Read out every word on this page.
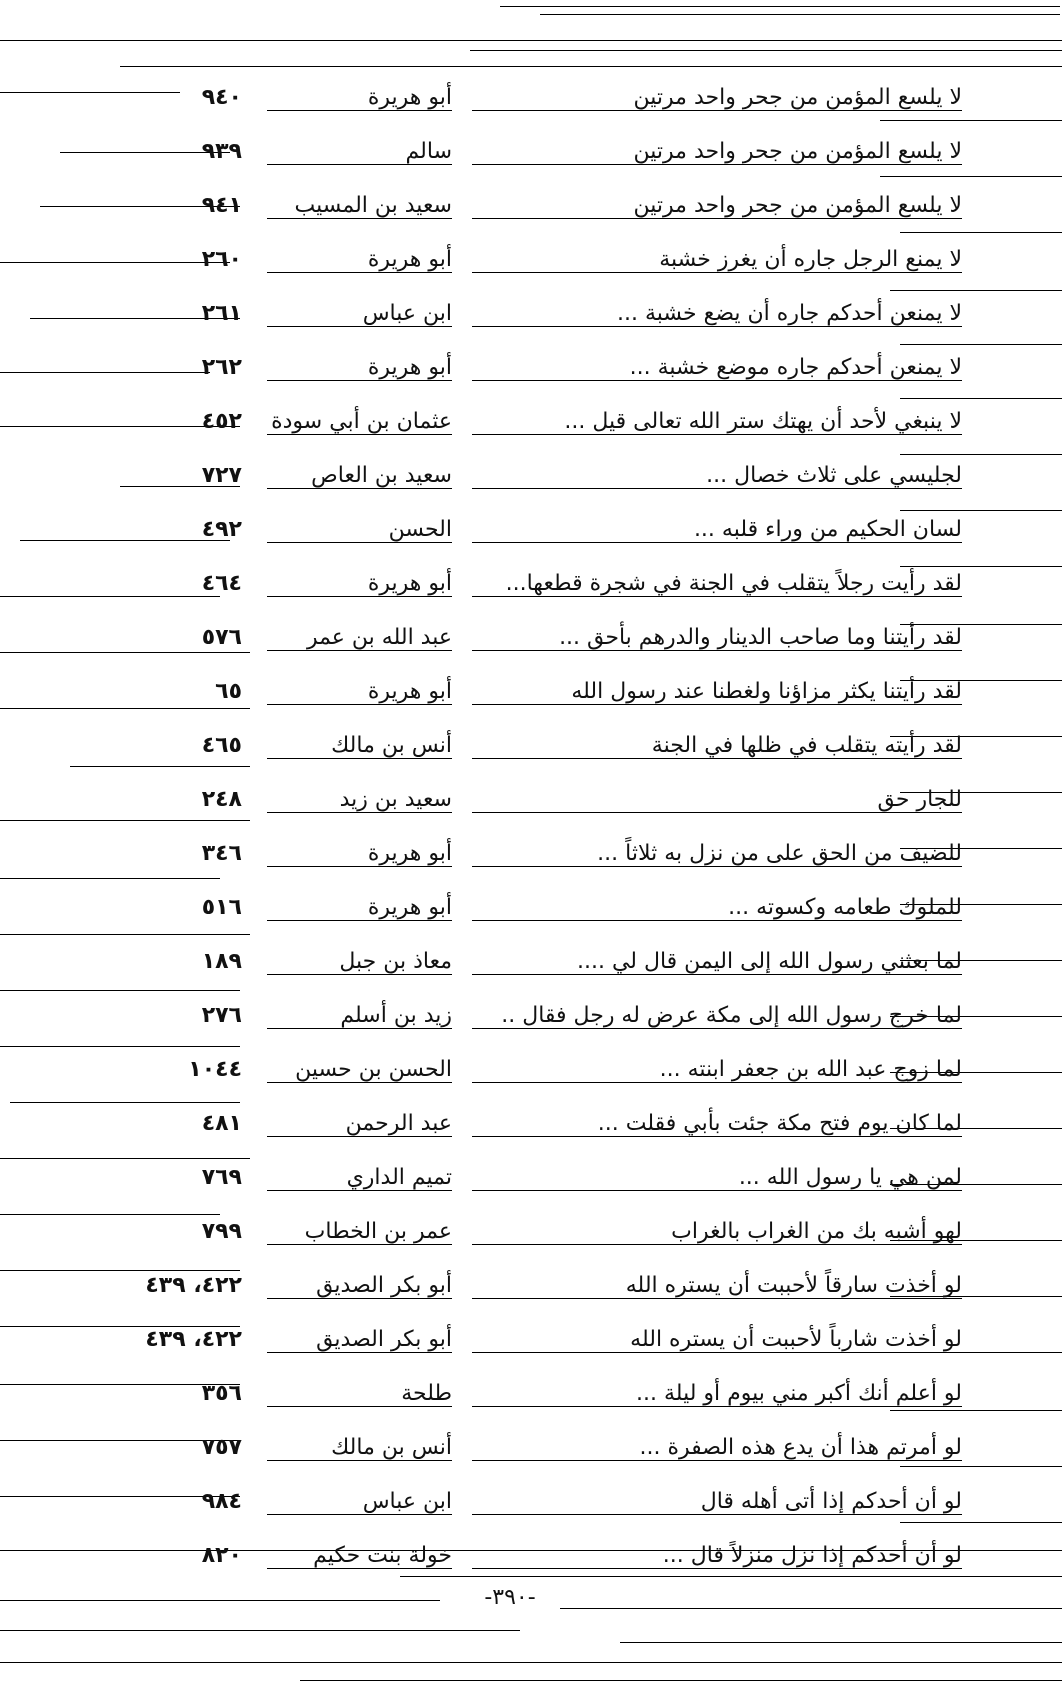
لا يلسع المؤمن من جحر واحد مرتين
أبو هريرة
٩٤٠
لا يلسع المؤمن من جحر واحد مرتين
سالم
٩٣٩
لا يلسع المؤمن من جحر واحد مرتين
سعيد بن المسيب
٩٤١
لا يمنع الرجل جاره أن يغرز خشبة
أبو هريرة
٢٦٠
لا يمنعن أحدكم جاره أن يضع خشبة ...
ابن عباس
٢٦١
لا يمنعن أحدكم جاره موضع خشبة ...
أبو هريرة
٢٦٢
لا ينبغي لأحد أن يهتك ستر الله تعالى قيل ...
عثمان بن أبي سودة
٤٥٢
لجليسي على ثلاث خصال ...
سعيد بن العاص
٧٢٧
لسان الحكيم من وراء قلبه ...
الحسن
٤٩٢
لقد رأيت رجلاً يتقلب في الجنة في شجرة قطعها...
أبو هريرة
٤٦٤
لقد رأيتنا وما صاحب الدينار والدرهم بأحق ...
عبد الله بن عمر
٥٧٦
لقد رأيتنا يكثر مزاؤنا ولغطنا عند رسول الله
أبو هريرة
٦٥
لقد رأيته يتقلب في ظلها في الجنة
أنس بن مالك
٤٦٥
للجار حق
سعيد بن زيد
٢٤٨
للضيف من الحق على من نزل به ثلاثاً ...
أبو هريرة
٣٤٦
للملوك طعامه وكسوته ...
أبو هريرة
٥١٦
لما بعثني رسول الله إلى اليمن قال لي ....
معاذ بن جبل
١٨٩
لما خرج رسول الله إلى مكة عرض له رجل فقال ..
زيد بن أسلم
٢٧٦
لما زوج عبد الله بن جعفر ابنته ...
الحسن بن حسين
١٠٤٤
لما كان يوم فتح مكة جئت بأبي فقلت ...
عبد الرحمن
٤٨١
لمن هي يا رسول الله ...
تميم الداري
٧٦٩
لهو أشبه بك من الغراب بالغراب
عمر بن الخطاب
٧٩٩
لو أخذت سارقاً لأحببت أن يستره الله
أبو بكر الصديق
٤٢٢، ٤٣٩
لو أخذت شارباً لأحببت أن يستره الله
أبو بكر الصديق
٤٢٢، ٤٣٩
لو أعلم أنك أكبر مني بيوم أو ليلة ...
طلحة
٣٥٦
لو أمرتم هذا أن يدع هذه الصفرة ...
أنس بن مالك
٧٥٧
لو أن أحدكم إذا أتى أهله قال
ابن عباس
٩٨٤
لو أن أحدكم إذا نزل منزلاً قال ...
خولة بنت حكيم
٨٢٠
-٣٩٠-
